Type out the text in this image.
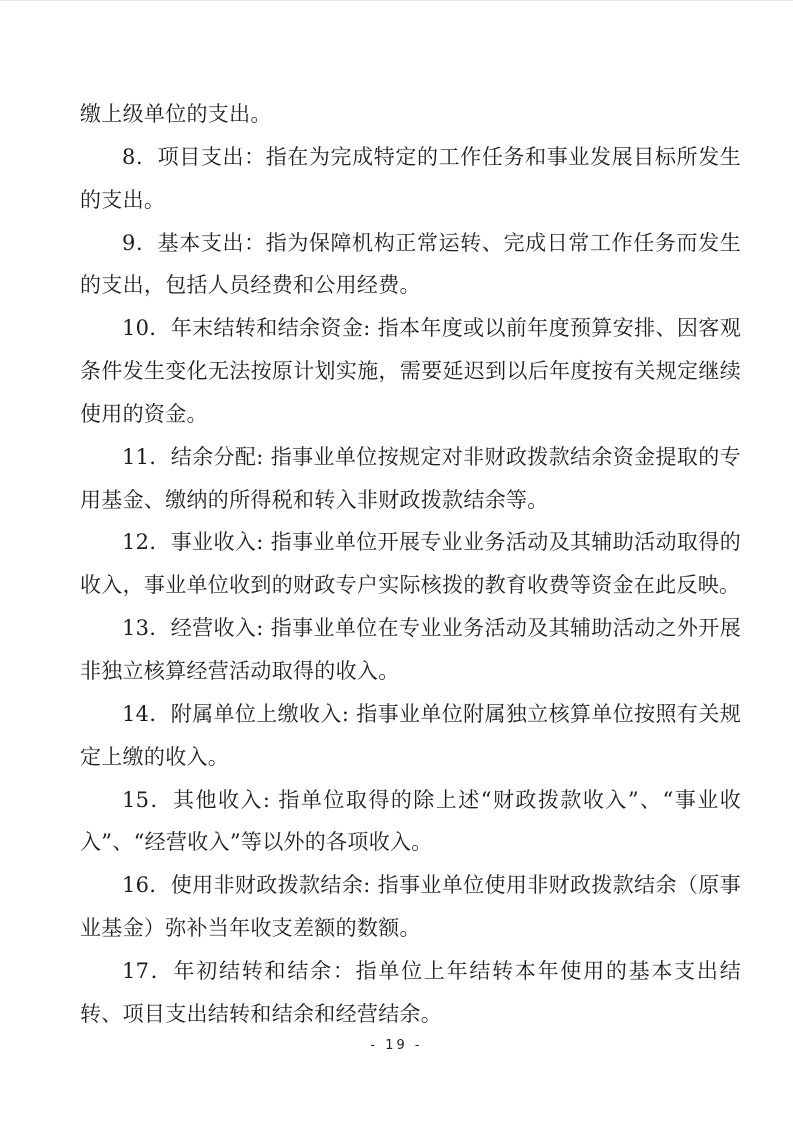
缴上级单位的支出。

8．项目支出：指在为完成特定的工作任务和事业发展目标所发生的支出。

9．基本支出：指为保障机构正常运转、完成日常工作任务而发生的支出，包括人员经费和公用经费。

10．年末结转和结余资金: 指本年度或以前年度预算安排、因客观条件发生变化无法按原计划实施，需要延迟到以后年度按有关规定继续使用的资金。

11．结余分配: 指事业单位按规定对非财政拨款结余资金提取的专用基金、缴纳的所得税和转入非财政拨款结余等。

12．事业收入: 指事业单位开展专业业务活动及其辅助活动取得的收入，事业单位收到的财政专户实际核拨的教育收费等资金在此反映。

13．经营收入: 指事业单位在专业业务活动及其辅助活动之外开展非独立核算经营活动取得的收入。

14．附属单位上缴收入: 指事业单位附属独立核算单位按照有关规定上缴的收入。

15．其他收入: 指单位取得的除上述“财政拨款收入”、“事业收入”、“经营收入”等以外的各项收入。

16．使用非财政拨款结余: 指事业单位使用非财政拨款结余（原事业基金）弥补当年收支差额的数额。

17．年初结转和结余：指单位上年结转本年使用的基本支出结转、项目支出结转和结余和经营结余。

- 19 -
